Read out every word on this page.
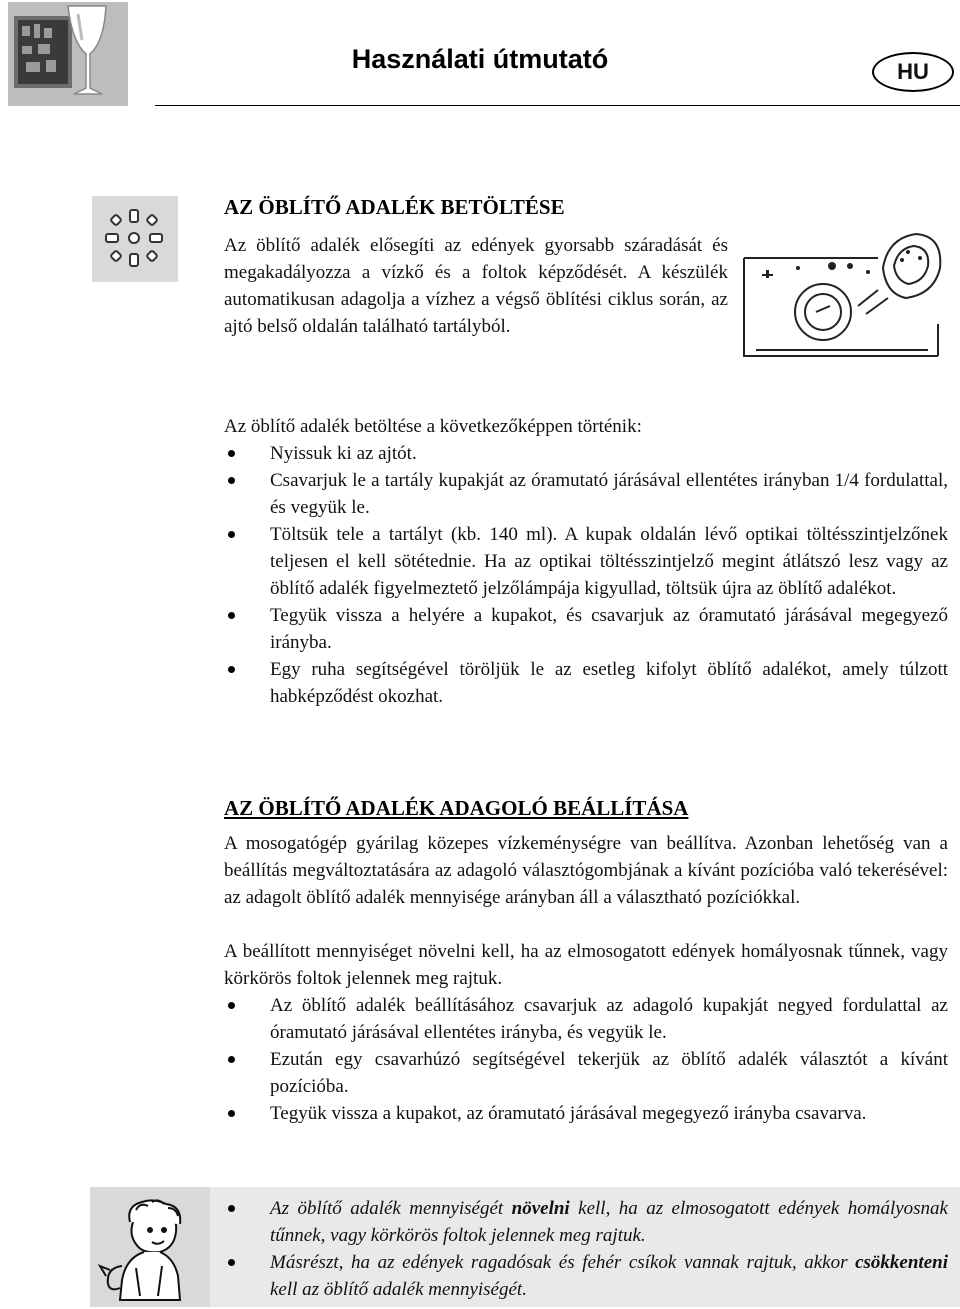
Használati útmutató	HU
AZ ÖBLÍTŐ ADALÉK BETÖLTÉSE
Az öblítő adalék elősegíti az edények gyorsabb száradását és megakadályozza a vízkő és a foltok képződését. A készülék automatikusan adagolja a vízhez a végső öblítési ciklus során, az ajtó belső oldalán található tartályból.
Az öblítő adalék betöltése a következőképpen történik:
Nyissuk ki az ajtót.
Csavarjuk le a tartály kupakját az óramutató járásával ellentétes irányban 1/4 fordulattal, és vegyük le.
Töltsük tele a tartályt (kb. 140 ml). A kupak oldalán lévő optikai töltésszintjelzőnek teljesen el kell sötétednie. Ha az optikai töltésszintjelző megint átlátszó lesz vagy az öblítő adalék figyelmeztető jelzőlámpája kigyullad, töltsük újra az öblítő adalékot.
Tegyük vissza a helyére a kupakot, és csavarjuk az óramutató járásával megegyező irányba.
Egy ruha segítségével töröljük le az esetleg kifolyt öblítő adalékot, amely túlzott habképződést okozhat.
AZ ÖBLÍTŐ ADALÉK ADAGOLÓ BEÁLLÍTÁSA
A mosogatógép gyárilag közepes vízkeménységre van beállítva. Azonban lehetőség van a beállítás megváltoztatására az adagoló választógombjának a kívánt pozícióba való tekerésével: az adagolt öblítő adalék mennyisége arányban áll a választható pozíciókkal.
A beállított mennyiséget növelni kell, ha az elmosogatott edények homályosnak tűnnek, vagy körkörös foltok jelennek meg rajtuk.
Az öblítő adalék beállításához csavarjuk az adagoló kupakját negyed fordulattal az óramutató járásával ellentétes irányba, és vegyük le.
Ezután egy csavarhúzó segítségével tekerjük az öblítő adalék választót a kívánt pozícióba.
Tegyük vissza a kupakot, az óramutató járásával megegyező irányba csavarva.
Az öblítő adalék mennyiségét növelni kell, ha az elmosogatott edények homályosnak tűnnek, vagy körkörös foltok jelennek meg rajtuk.
Másrészt, ha az edények ragadósak és fehér csíkok vannak rajtuk, akkor csökkenteni kell az öblítő adalék mennyiségét.
